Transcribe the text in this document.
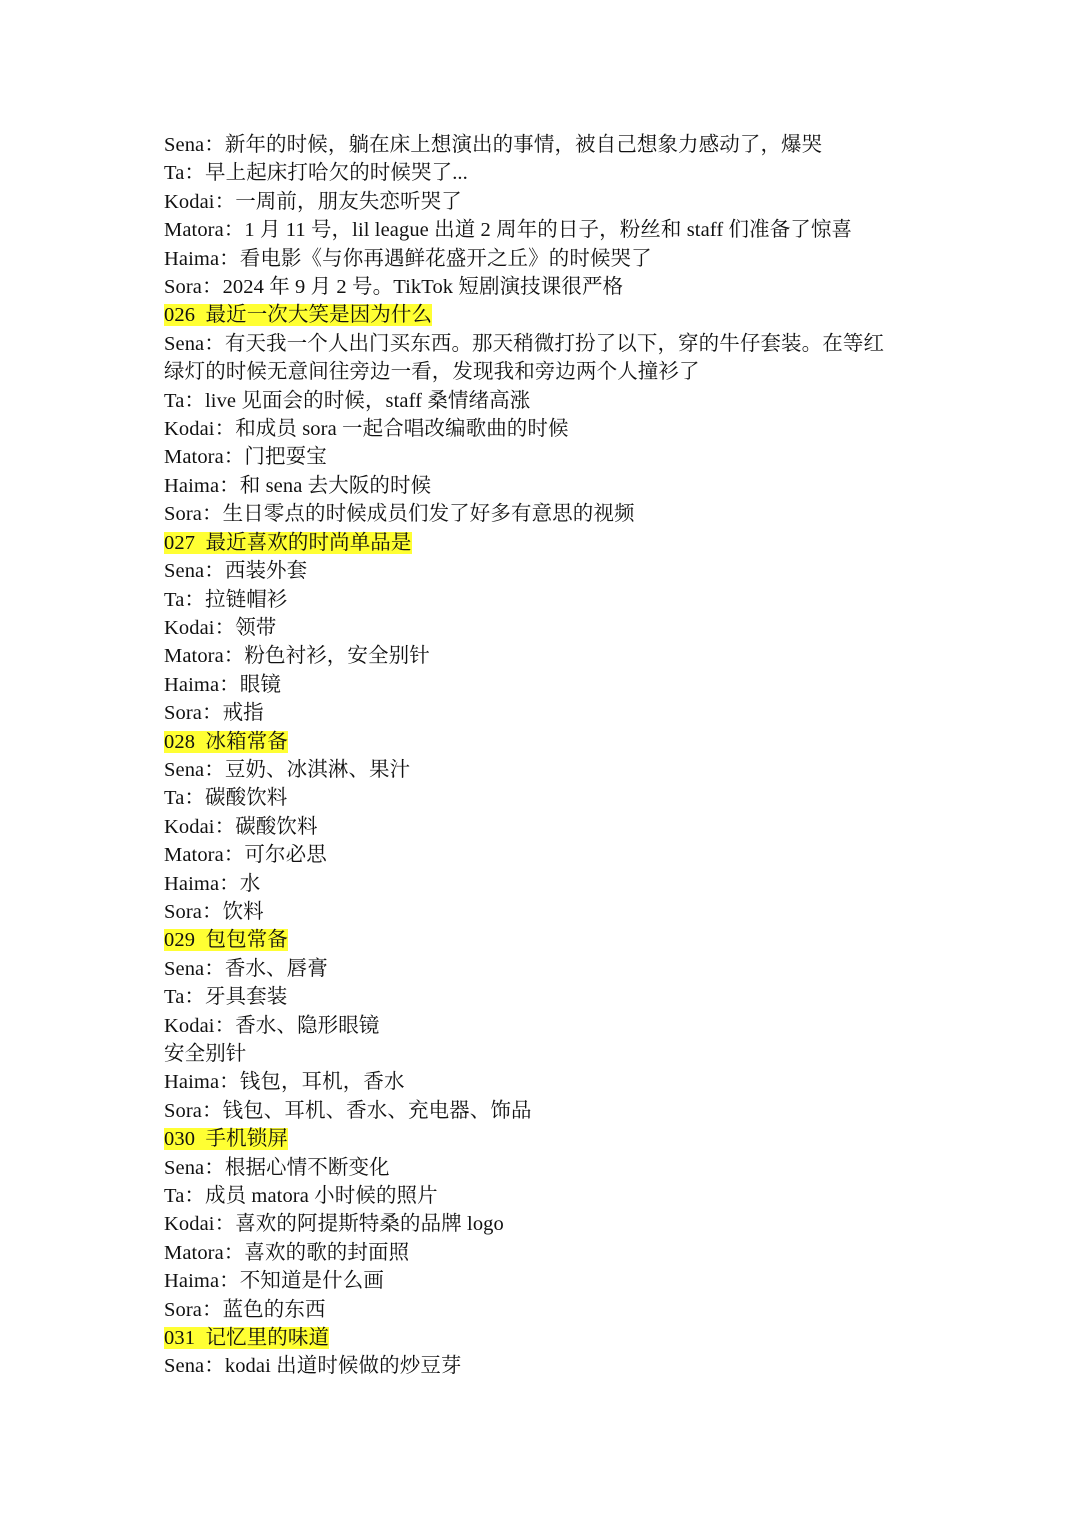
Sena：新年的时候，躺在床上想演出的事情，被自己想象力感动了，爆哭
Ta：早上起床打哈欠的时候哭了...
Kodai：一周前，朋友失恋听哭了
Matora：1 月 11 号，lil league 出道 2 周年的日子，粉丝和 staff 们准备了惊喜
Haima：看电影《与你再遇鲜花盛开之丘》的时候哭了
Sora：2024 年 9 月 2 号。TikTok 短剧演技课很严格
026  最近一次大笑是因为什么
Sena：有天我一个人出门买东西。那天稍微打扮了以下，穿的牛仔套装。在等红
绿灯的时候无意间往旁边一看，发现我和旁边两个人撞衫了
Ta：live 见面会的时候，staff 桑情绪高涨
Kodai：和成员 sora 一起合唱改编歌曲的时候
Matora：门把耍宝
Haima：和 sena 去大阪的时候
Sora：生日零点的时候成员们发了好多有意思的视频
027  最近喜欢的时尚单品是
Sena：西装外套
Ta：拉链帽衫
Kodai：领带
Matora：粉色衬衫，安全别针
Haima：眼镜
Sora：戒指
028  冰箱常备
Sena：豆奶、冰淇淋、果汁
Ta：碳酸饮料
Kodai：碳酸饮料
Matora：可尔必思
Haima：水
Sora：饮料
029  包包常备
Sena：香水、唇膏
Ta：牙具套装
Kodai：香水、隐形眼镜
安全别针
Haima：钱包，耳机，香水
Sora：钱包、耳机、香水、充电器、饰品
030  手机锁屏
Sena：根据心情不断变化
Ta：成员 matora 小时候的照片
Kodai：喜欢的阿提斯特桑的品牌 logo
Matora：喜欢的歌的封面照
Haima：不知道是什么画
Sora：蓝色的东西
031  记忆里的味道
Sena：kodai 出道时候做的炒豆芽
